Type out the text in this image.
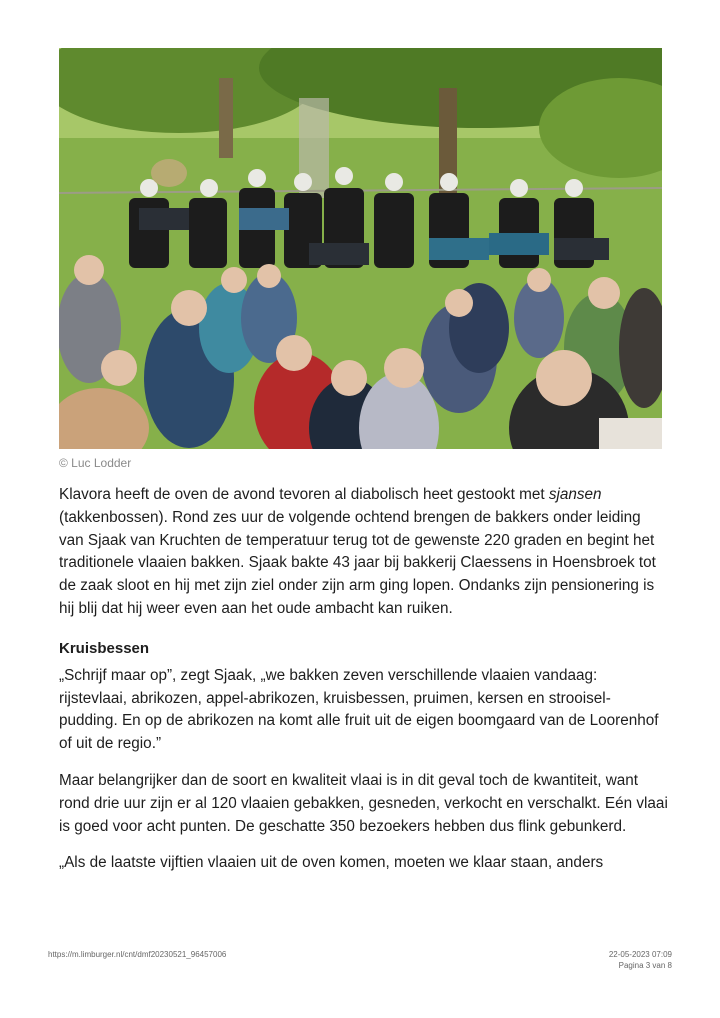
© Luc Lodder

Klavora heeft de oven de avond tevoren al diabolisch heet gestookt met sjansen (takkenbossen). Rond zes uur de volgende ochtend brengen de bakkers onder leiding van Sjaak van Kruchten de temperatuur terug tot de gewenste 220 graden en begint het traditionele vlaaien bakken. Sjaak bakte 43 jaar bij bakkerij Claessens in Hoensbroek tot de zaak sloot en hij met zijn ziel onder zijn arm ging lopen. Ondanks zijn pensionering is hij blij dat hij weer even aan het oude ambacht kan ruiken.

Kruisbessen

„Schrijf maar op”, zegt Sjaak, „we bakken zeven verschillende vlaaien vandaag: rijstevlaai, abrikozen, appel-abrikozen, kruisbessen, pruimen, kersen en strooisel-pudding. En op de abrikozen na komt alle fruit uit de eigen boomgaard van de Loorenhof of uit de regio.”

Maar belangrijker dan de soort en kwaliteit vlaai is in dit geval toch de kwantiteit, want rond drie uur zijn er al 120 vlaaien gebakken, gesneden, verkocht en verschalkt. Eén vlaai is goed voor acht punten. De geschatte 350 bezoekers hebben dus flink gebunkerd.

„Als de laatste vijftien vlaaien uit de oven komen, moeten we klaar staan, anders

https://m.limburger.nl/cnt/dmf20230521_96457006	22-05-2023 07:09
Pagina 3 van 8
